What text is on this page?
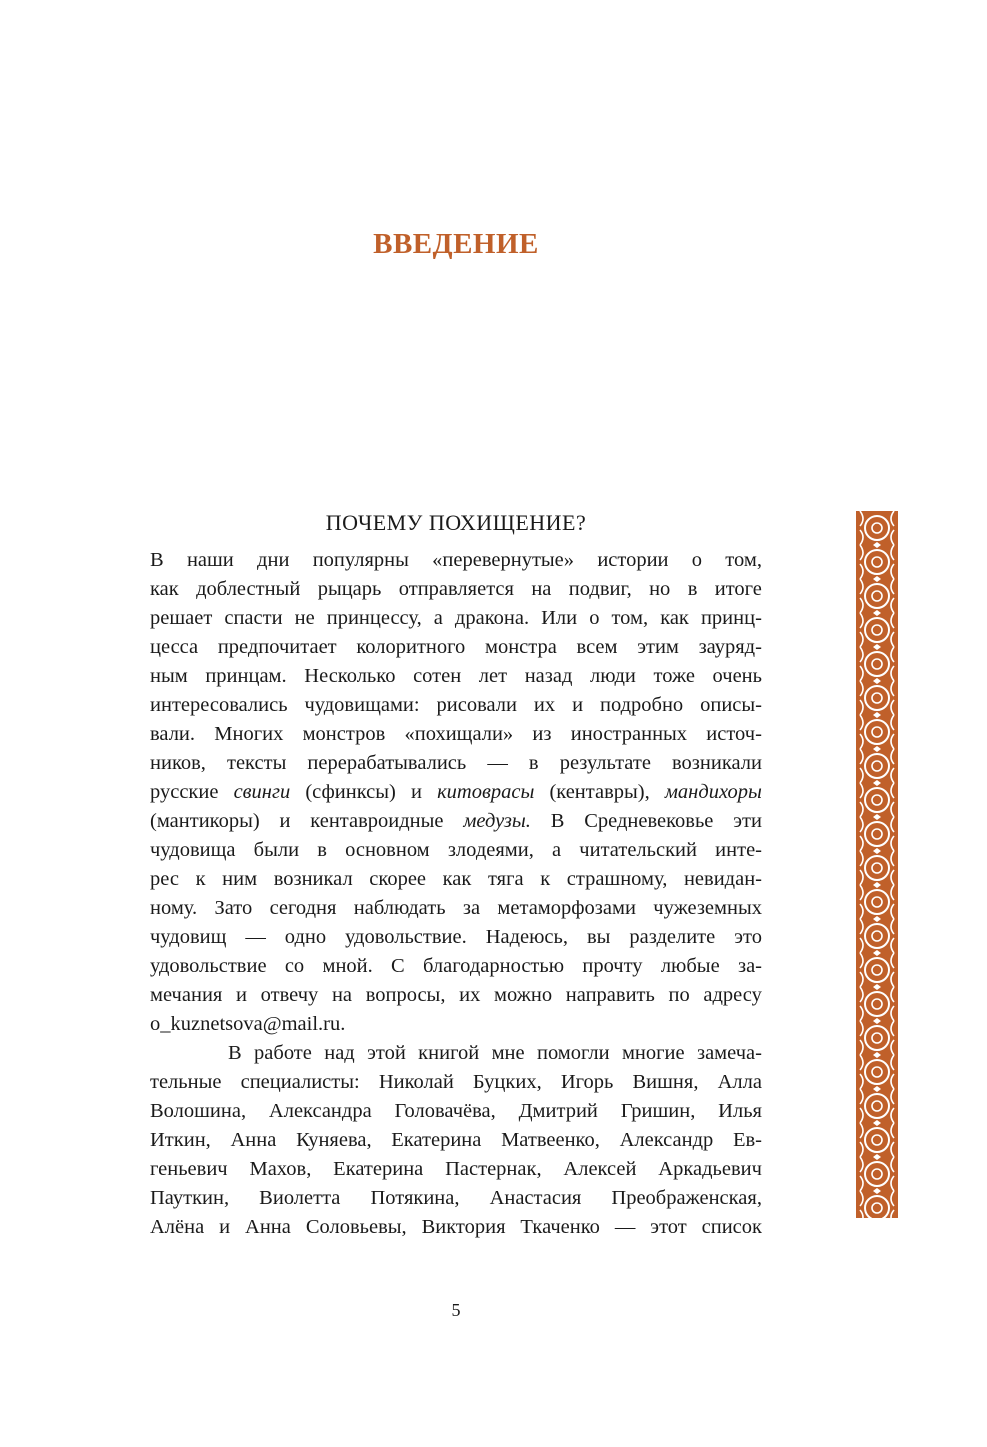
ВВЕДЕНИЕ
ПОЧЕМУ ПОХИЩЕНИЕ?
В наши дни популярны «перевернутые» истории о том,
как доблестный рыцарь отправляется на подвиг, но в итоге
решает спасти не принцессу, а дракона. Или о том, как принц-
цесса предпочитает колоритного монстра всем этим зауряд-
ным принцам. Несколько сотен лет назад люди тоже очень
интересовались чудовищами: рисовали их и подробно описы-
вали. Многих монстров «похищали» из иностранных источ-
ников, тексты перерабатывались — в результате возникали
русские свинги (сфинксы) и китоврасы (кентавры), мандихоры
(мантикоры) и кентавроидные медузы. В Средневековье эти
чудовища были в основном злодеями, а читательский инте-
рес к ним возникал скорее как тяга к страшному, невидан-
ному. Зато сегодня наблюдать за метаморфозами чужеземных
чудовищ — одно удовольствие. Надеюсь, вы разделите это
удовольствие со мной. С благодарностью прочту любые за-
мечания и отвечу на вопросы, их можно направить по адресу
o_kuznetsova@mail.ru.
В работе над этой книгой мне помогли многие замеча-
тельные специалисты: Николай Буцких, Игорь Вишня, Алла
Волошина, Александра Головачёва, Дмитрий Гришин, Илья
Иткин, Анна Куняева, Екатерина Матвеенко, Александр Ев-
геньевич Махов, Екатерина Пастернак, Алексей Аркадьевич
Пауткин, Виолетта Потякина, Анастасия Преображенская,
Алёна и Анна Соловьевы, Виктория Ткаченко — этот список
5
